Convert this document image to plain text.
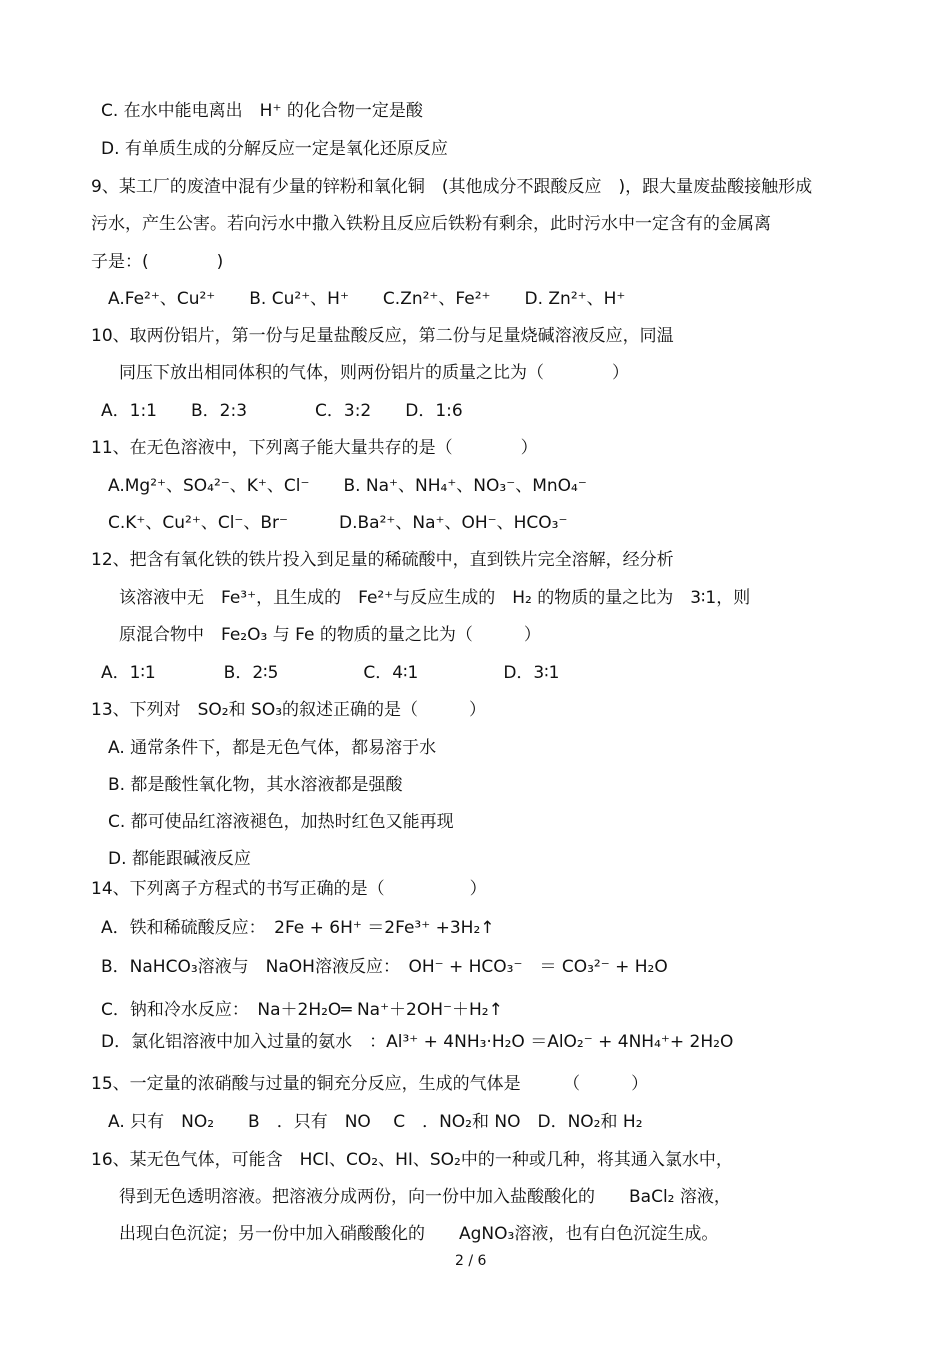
C. 在水中能电离出　H⁺ 的化合物一定是酸
D. 有单质生成的分解反应一定是氧化还原反应
9、某工厂的废渣中混有少量的锌粉和氧化铜　(其他成分不跟酸反应　)，跟大量废盐酸接触形成
污水，产生公害。若向污水中撒入铁粉且反应后铁粉有剩余，此时污水中一定含有的金属离
子是：(　　　　)
A.Fe²⁺、Cu²⁺　　B. Cu²⁺、H⁺　　C.Zn²⁺、Fe²⁺　　D. Zn²⁺、H⁺
10、取两份铝片，第一份与足量盐酸反应，第二份与足量烧碱溶液反应，同温
同压下放出相同体积的气体，则两份铝片的质量之比为（　　　　）
A．1:1　　B．2:3　　　　C．3:2　　D．1:6
11、在无色溶液中，下列离子能大量共存的是（　　　　）
A.Mg²⁺、SO₄²⁻、K⁺、Cl⁻　　B. Na⁺、NH₄⁺、NO₃⁻、MnO₄⁻
C.K⁺、Cu²⁺、Cl⁻、Br⁻　　　D.Ba²⁺、Na⁺、OH⁻、HCO₃⁻
12、把含有氧化铁的铁片投入到足量的稀硫酸中，直到铁片完全溶解，经分析
该溶液中无　Fe³⁺，且生成的　Fe²⁺与反应生成的　H₂ 的物质的量之比为　3∶1，则
原混合物中　Fe₂O₃ 与 Fe 的物质的量之比为（　　　）
A．1∶1　　　　B．2∶5　　　　　C．4∶1　　　　　D．3∶1
13、下列对　SO₂和 SO₃的叙述正确的是（　　　）
A. 通常条件下，都是无色气体，都易溶于水
B. 都是酸性氧化物，其水溶液都是强酸
C. 都可使品红溶液褪色，加热时红色又能再现
D. 都能跟碱液反应
14、下列离子方程式的书写正确的是（　　　　　）
A．铁和稀硫酸反应：　2Fe + 6H⁺ ＝2Fe³⁺ +3H₂↑
B．NaHCO₃溶液与　NaOH溶液反应：　OH⁻ + HCO₃⁻　＝ CO₃²⁻ + H₂O
C．钠和冷水反应：　Na＋2H₂O═ Na⁺＋2OH⁻＋H₂↑
D．氯化铝溶液中加入过量的氨水　：Al³⁺ + 4NH₃·H₂O ＝AlO₂⁻ + 4NH₄⁺+ 2H₂O
15、一定量的浓硝酸与过量的铜充分反应，生成的气体是　　　（　　　）
A. 只有　NO₂　　B　．只有　NO　 C　．NO₂和 NO　D．NO₂和 H₂
16、某无色气体，可能含　HCl、CO₂、HI、SO₂中的一种或几种，将其通入氯水中，
得到无色透明溶液。把溶液分成两份，向一份中加入盐酸酸化的　　BaCl₂ 溶液，
出现白色沉淀；另一份中加入硝酸酸化的　　AgNO₃溶液，也有白色沉淀生成。
2 / 6
